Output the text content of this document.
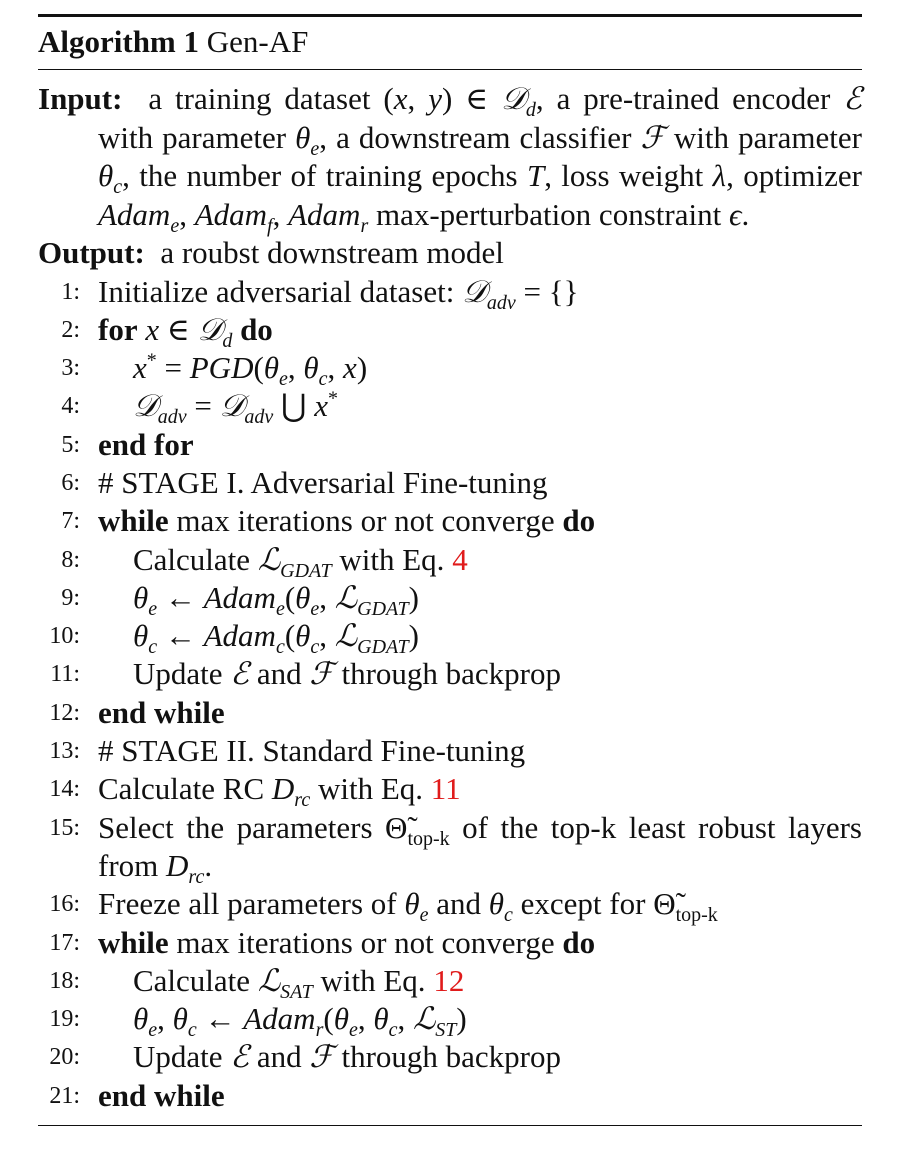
Algorithm 1 Gen-AF
Input: a training dataset (x, y) ∈ 𝒟$_d$, a pre-trained encoder ℰ with parameter $\theta_e$, a downstream classifier ℱ with parameter $\theta_c$, the number of training epochs T, loss weight λ, optimizer Adam$_e$, Adam$_f$, Adam$_r$ max-perturbation constraint ϵ.
Output: a roubst downstream model
1: Initialize adversarial dataset: 𝒟$_{adv}$ = {}
2: for x ∈ 𝒟$_d$ do
3: $x^* = PGD(\theta_e$, $\theta_c$, x)
4: 𝒟$_{adv}$ = 𝒟$_{adv}$ ⋃ x*
5: end for
6: # STAGE I. Adversarial Fine-tuning
7: while max iterations or not converge do
8: Calculate ℒ$_{GDAT}$ with Eq. 4
9: $\theta_e$ ← $Adam_e(\theta_e$, ℒ$_{GDAT}$)
10: $\theta_c$ ← $Adam_c(\theta_c$, ℒ$_{GDAT}$)
11: Update ℰ and ℱ through backprop
12: end while
13: # STAGE II. Standard Fine-tuning
14: Calculate RC $D_{rc}$ with Eq. 11
15: Select the parameters $\Thetã_{top-k}$ of the top-k least robust layers from $D_{rc}$.
16: Freeze all parameters of $\theta_e$ and $\theta_c$ except for $\Thetã_{top-k}$
17: while max iterations or not converge do
18: Calculate ℒ$_{SAT}$ with Eq. 12
19: $\theta_e$, $\theta_c$ ← $Adam_r(\theta_e$, $\theta_c$, ℒ$_{ST}$)
20: Update ℰ and ℱ through backprop
21: end while
